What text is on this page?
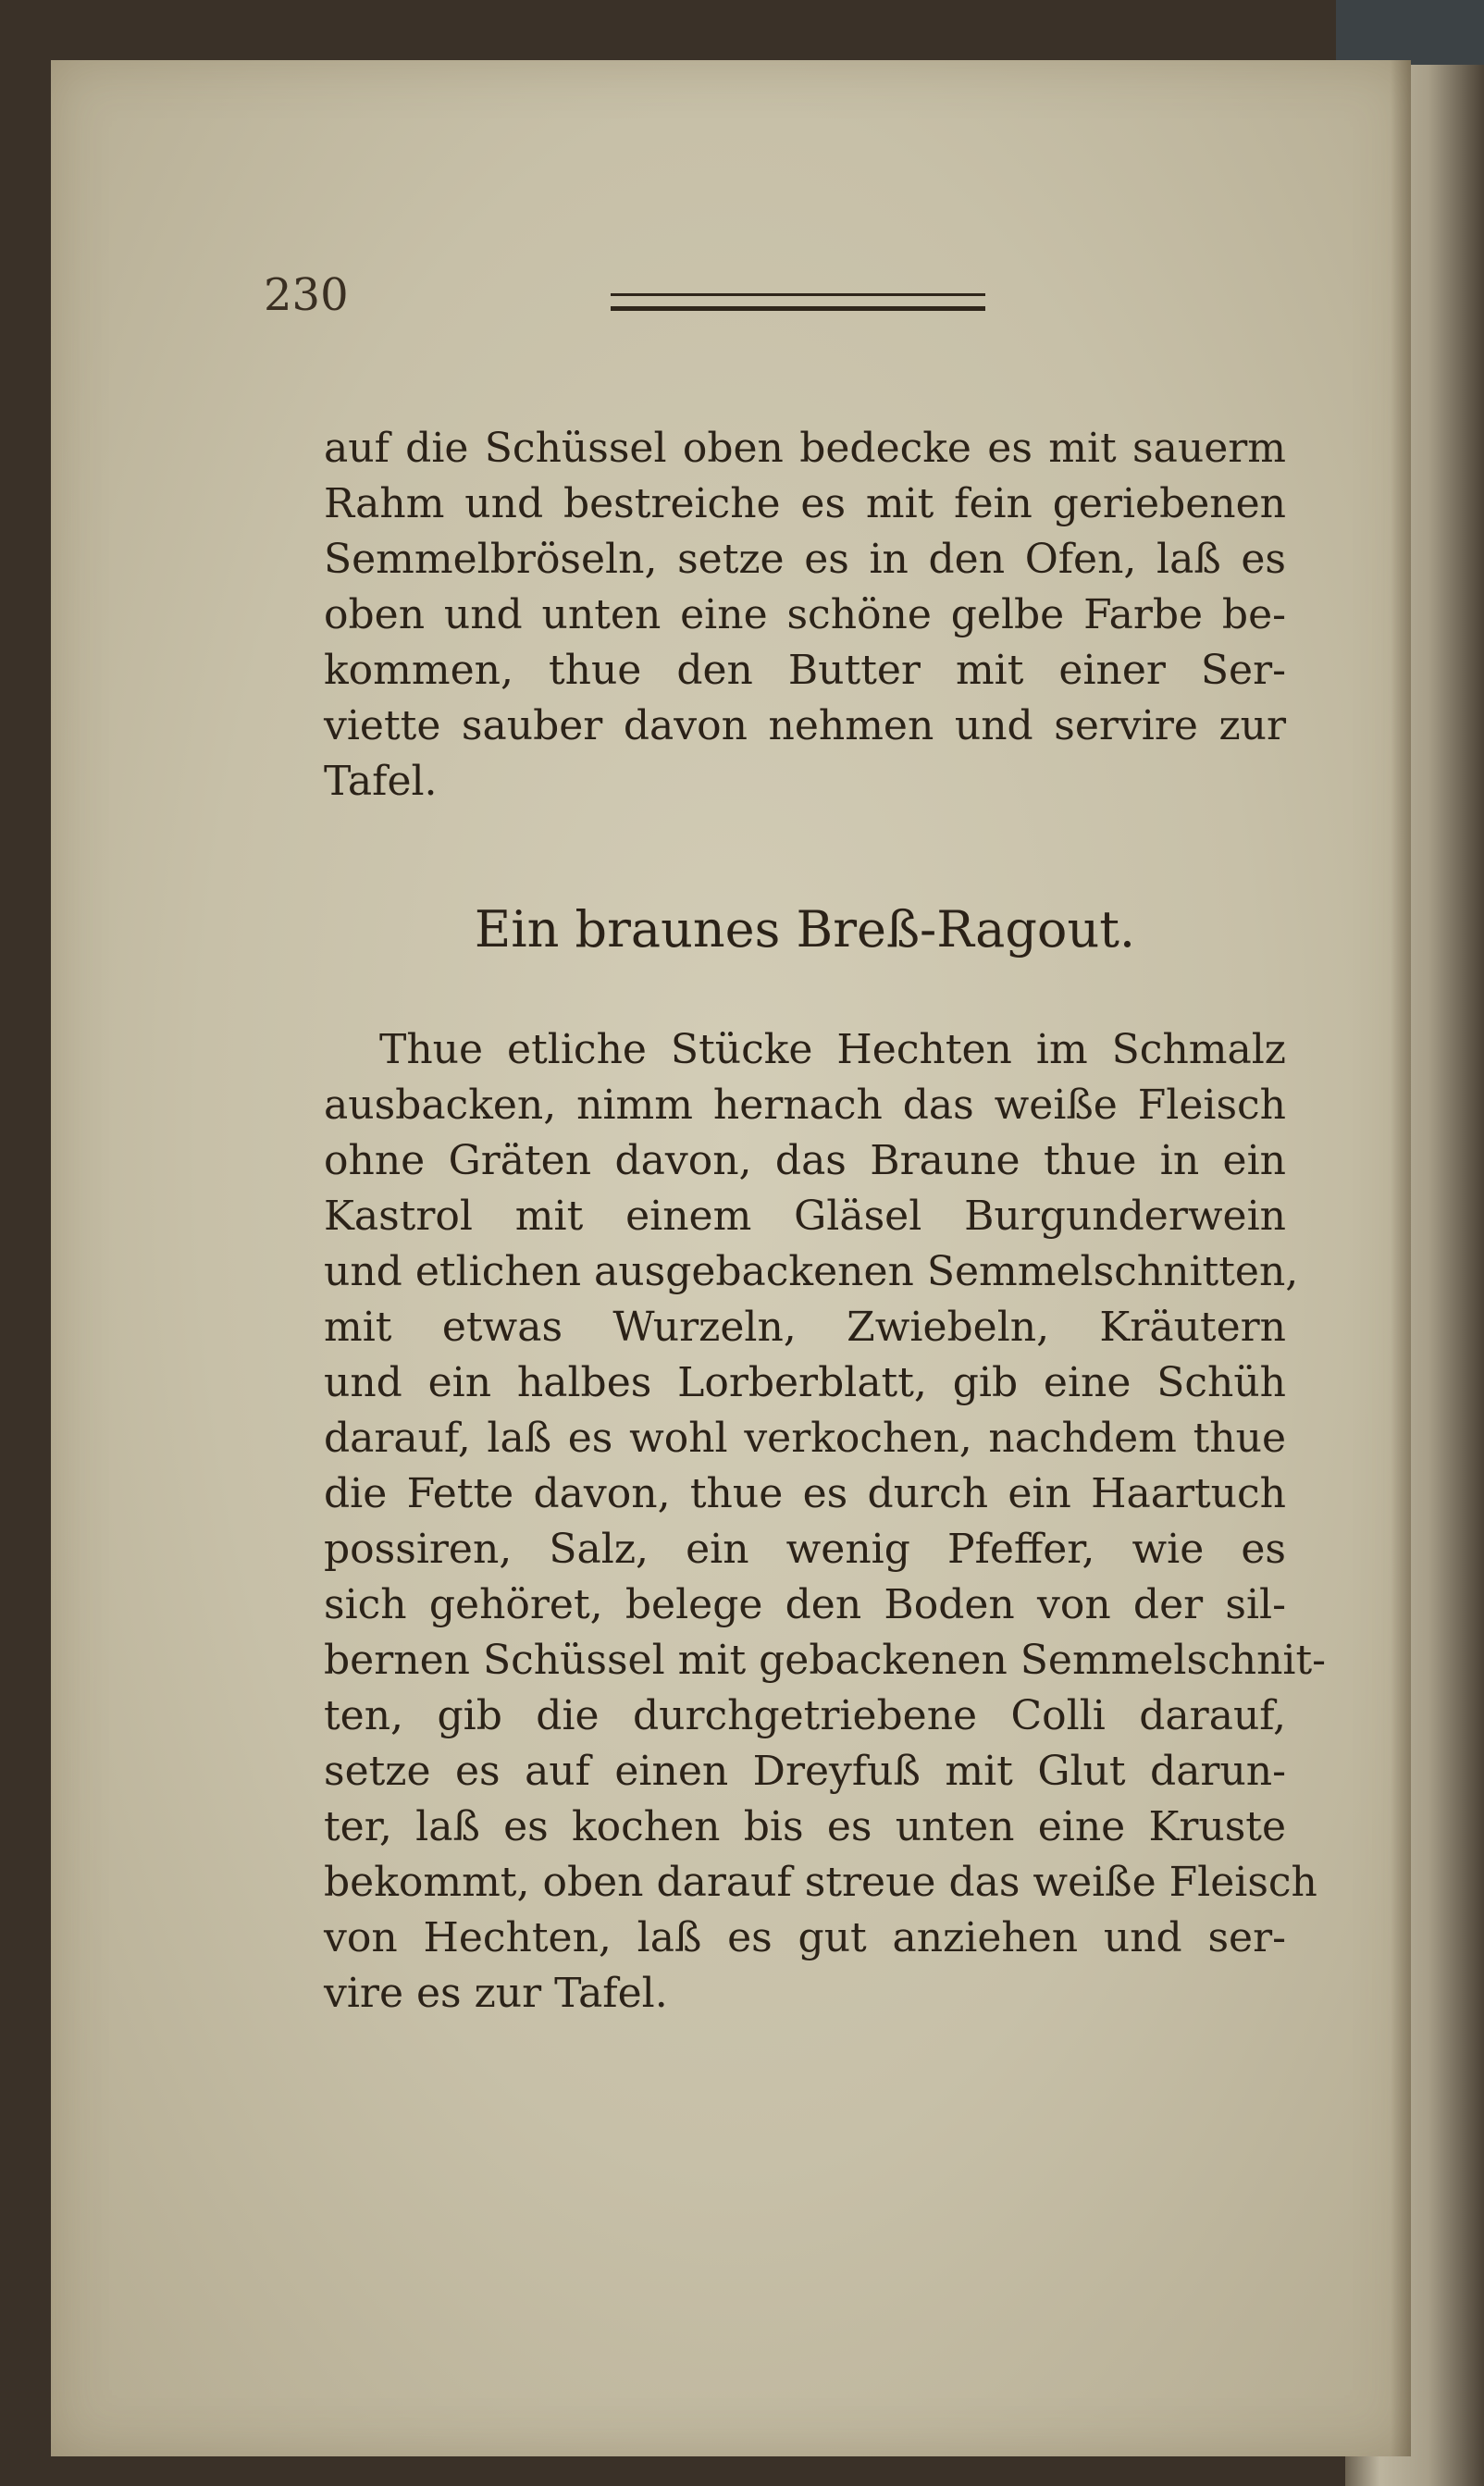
230
auf die Schüssel oben bedecke es mit sauerm
Rahm und bestreiche es mit fein geriebenen
Semmelbröseln, setze es in den Ofen, laß es
oben und unten eine schöne gelbe Farbe be-
kommen, thue den Butter mit einer Ser-
viette sauber davon nehmen und servire zur
Tafel.
Ein braunes Breß-Ragout.
Thue etliche Stücke Hechten im Schmalz
ausbacken, nimm hernach das weiße Fleisch
ohne Gräten davon, das Braune thue in ein
Kastrol mit einem Gläsel Burgunderwein
und etlichen ausgebackenen Semmelschnitten,
mit etwas Wurzeln, Zwiebeln, Kräutern
und ein halbes Lorberblatt, gib eine Schüh
darauf, laß es wohl verkochen, nachdem thue
die Fette davon, thue es durch ein Haartuch
possiren, Salz, ein wenig Pfeffer, wie es
sich gehöret, belege den Boden von der sil-
bernen Schüssel mit gebackenen Semmelschnit-
ten, gib die durchgetriebene Colli darauf,
setze es auf einen Dreyfuß mit Glut darun-
ter, laß es kochen bis es unten eine Kruste
bekommt, oben darauf streue das weiße Fleisch
von Hechten, laß es gut anziehen und ser-
vire es zur Tafel.
